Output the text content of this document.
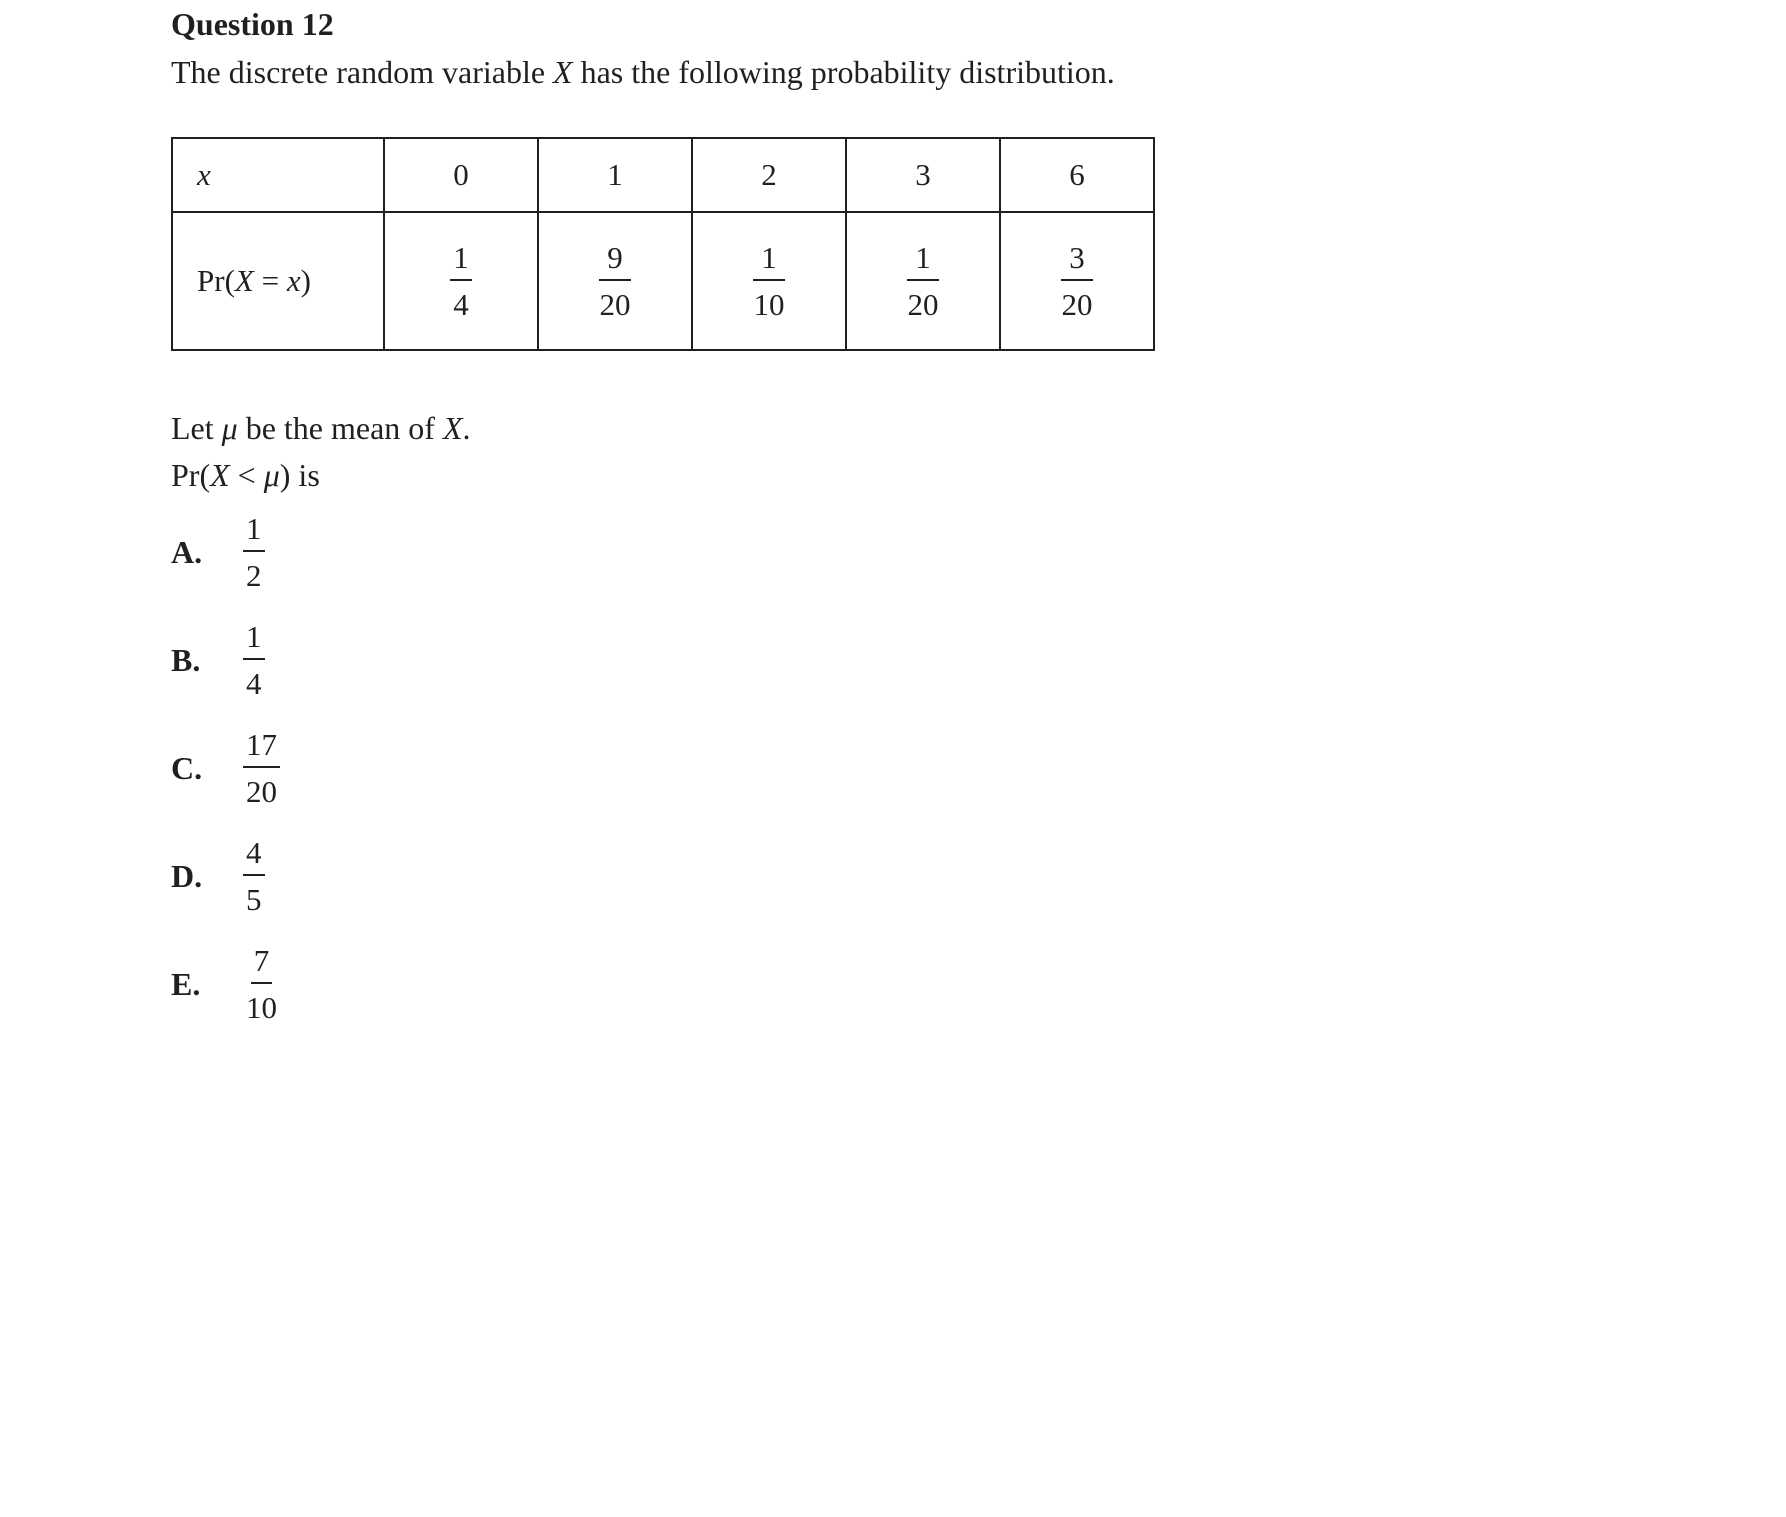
Question 12
The discrete random variable X has the following probability distribution.
x	0	1	2	3	6
Pr(X = x)	$\frac{1}{4}$	$\frac{9}{20}$	$\frac{1}{10}$	$\frac{1}{20}$	$\frac{3}{20}$
Let μ be the mean of X.
Pr(X < μ) is
A.	$\frac{1}{2}$
B.	$\frac{1}{4}$
C.	$\frac{17}{20}$
D.	$\frac{4}{5}$
E.	$\frac{7}{10}$
